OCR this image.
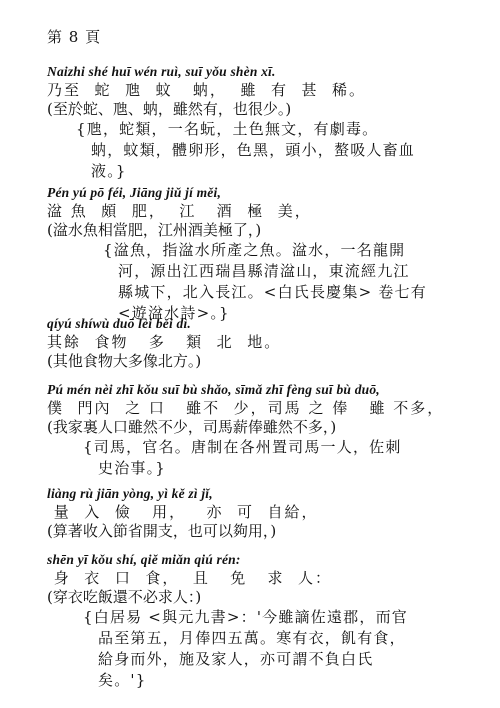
第 8 頁
Naizhi shé huī wén ruì, suī yǒu shèn xī.
乃至  蛇  虺  蚊   蚋，  雖  有  甚  稀。
(至於蛇、虺、蚋，雖然有，也很少。)
{虺，蛇類，一名蚖，土色無文，有劇毒。
蚋，蚊類，體卵形，色黑，頭小，螯吸人畜血
液。}
Pén yú pō féi, Jiāng jiǔ jí měi,
湓 魚  頗  肥，  江   酒  極  美，
(湓水魚相當肥，江州酒美極了，)
{湓魚，指湓水所產之魚。湓水，一名龍開
河，源出江西瑞昌縣清湓山，東流經九江
縣城下，北入長江。<白氏長慶集> 卷七有
<遊湓水詩>。}
qíyú shíwù duō lèi běi dì.
其餘  食物   多   類  北  地。
(其他食物大多像北方。)
Pú mén nèi zhī kǒu suī bù shǎo, sīmǎ zhī fèng suī bù duō,
僕  門內  之 口   雖不  少，司馬 之 俸   雖 不多，
(我家裏人口雖然不少，司馬薪俸雖然不多，)
{司馬，官名。唐制在各州置司馬一人，佐刺
史治事。}
liàng rù jiān yòng, yì kě zì jǐ,
量  入  儉   用，   亦  可  自給，
(算著收入節省開支，也可以夠用，)
shēn yī kǒu shí, qiě miǎn qiú rén:
身  衣  口  食，  且   免   求  人：
(穿衣吃飯還不必求人：)
{白居易 <與元九書>：'今雖謫佐遠郡，而官
品至第五，月俸四五萬。寒有衣，飢有食，
給身而外，施及家人，亦可謂不負白氏
矣。'}
